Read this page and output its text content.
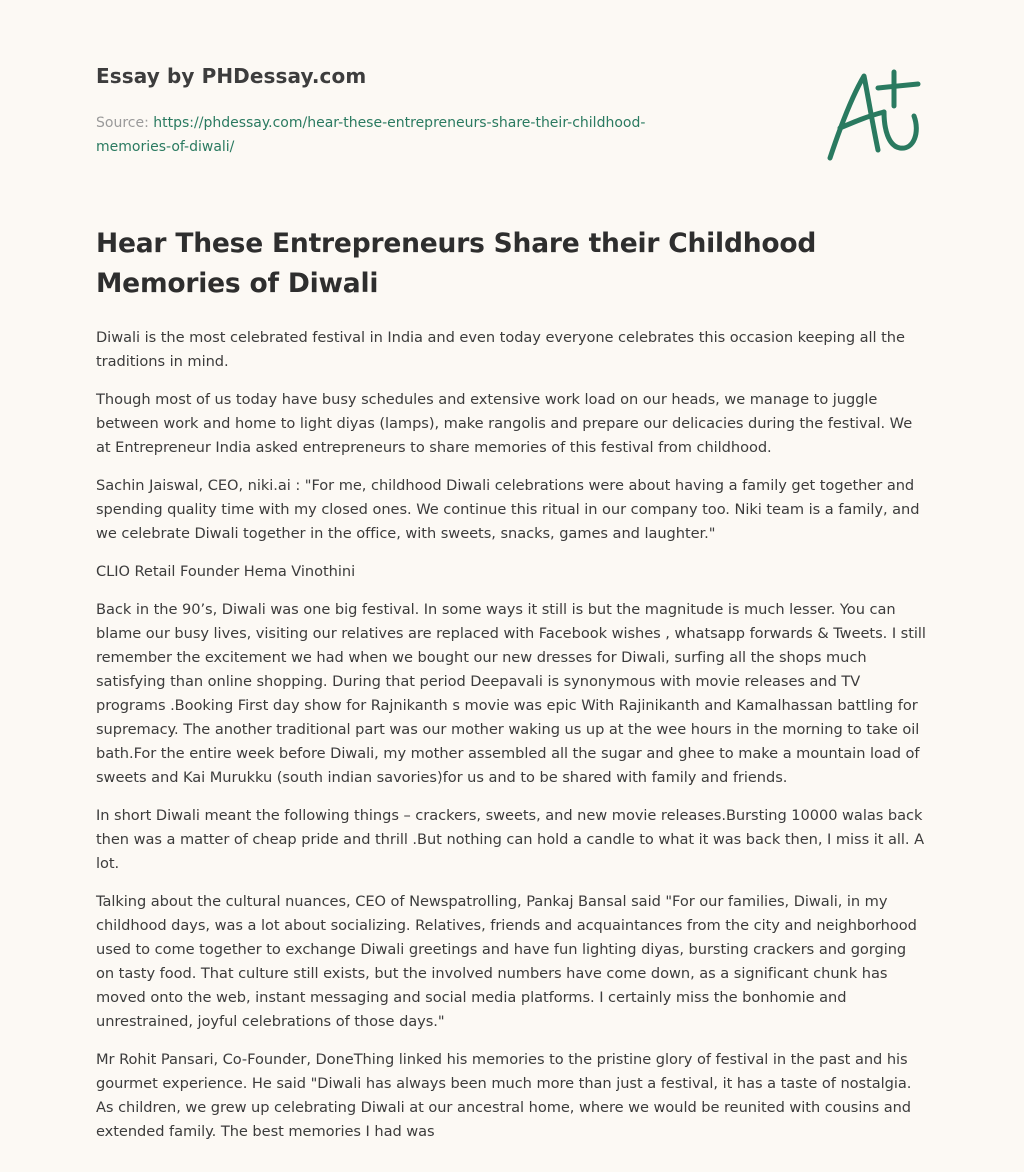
Essay by PHDessay.com
Source: https://phdessay.com/hear-these-entrepreneurs-share-their-childhood-memories-of-diwali/
Hear These Entrepreneurs Share their Childhood Memories of Diwali

Diwali is the most celebrated festival in India and even today everyone celebrates this occasion keeping all the traditions in mind.

Though most of us today have busy schedules and extensive work load on our heads, we manage to juggle between work and home to light diyas (lamps), make rangolis and prepare our delicacies during the festival. We at Entrepreneur India asked entrepreneurs to share memories of this festival from childhood.

Sachin Jaiswal, CEO, niki.ai : "For me, childhood Diwali celebrations were about having a family get together and spending quality time with my closed ones. We continue this ritual in our company too. Niki team is a family, and we celebrate Diwali together in the office, with sweets, snacks, games and laughter."

CLIO Retail Founder Hema Vinothini

Back in the 90’s, Diwali was one big festival. In some ways it still is but the magnitude is much lesser. You can blame our busy lives, visiting our relatives are replaced with Facebook wishes , whatsapp forwards & Tweets. I still remember the excitement we had when we bought our new dresses for Diwali, surfing all the shops much satisfying than online shopping. During that period Deepavali is synonymous with movie releases and TV programs .Booking First day show for Rajnikanth s movie was epic With Rajinikanth and Kamalhassan battling for supremacy. The another traditional part was our mother waking us up at the wee hours in the morning to take oil bath.For the entire week before Diwali, my mother assembled all the sugar and ghee to make a mountain load of sweets and Kai Murukku (south indian savories)for us and to be shared with family and friends.

In short Diwali meant the following things – crackers, sweets, and new movie releases.Bursting 10000 walas back then was a matter of cheap pride and thrill .But nothing can hold a candle to what it was back then, I miss it all. A lot.

Talking about the cultural nuances, CEO of Newspatrolling, Pankaj Bansal said "For our families, Diwali, in my childhood days, was a lot about socializing. Relatives, friends and acquaintances from the city and neighborhood used to come together to exchange Diwali greetings and have fun lighting diyas, bursting crackers and gorging on tasty food. That culture still exists, but the involved numbers have come down, as a significant chunk has moved onto the web, instant messaging and social media platforms. I certainly miss the bonhomie and unrestrained, joyful celebrations of those days."

Mr Rohit Pansari, Co-Founder, DoneThing linked his memories to the pristine glory of festival in the past and his gourmet experience. He said "Diwali has always been much more than just a festival, it has a taste of nostalgia. As children, we grew up celebrating Diwali at our ancestral home, where we would be reunited with cousins and extended family. The best memories I had was
